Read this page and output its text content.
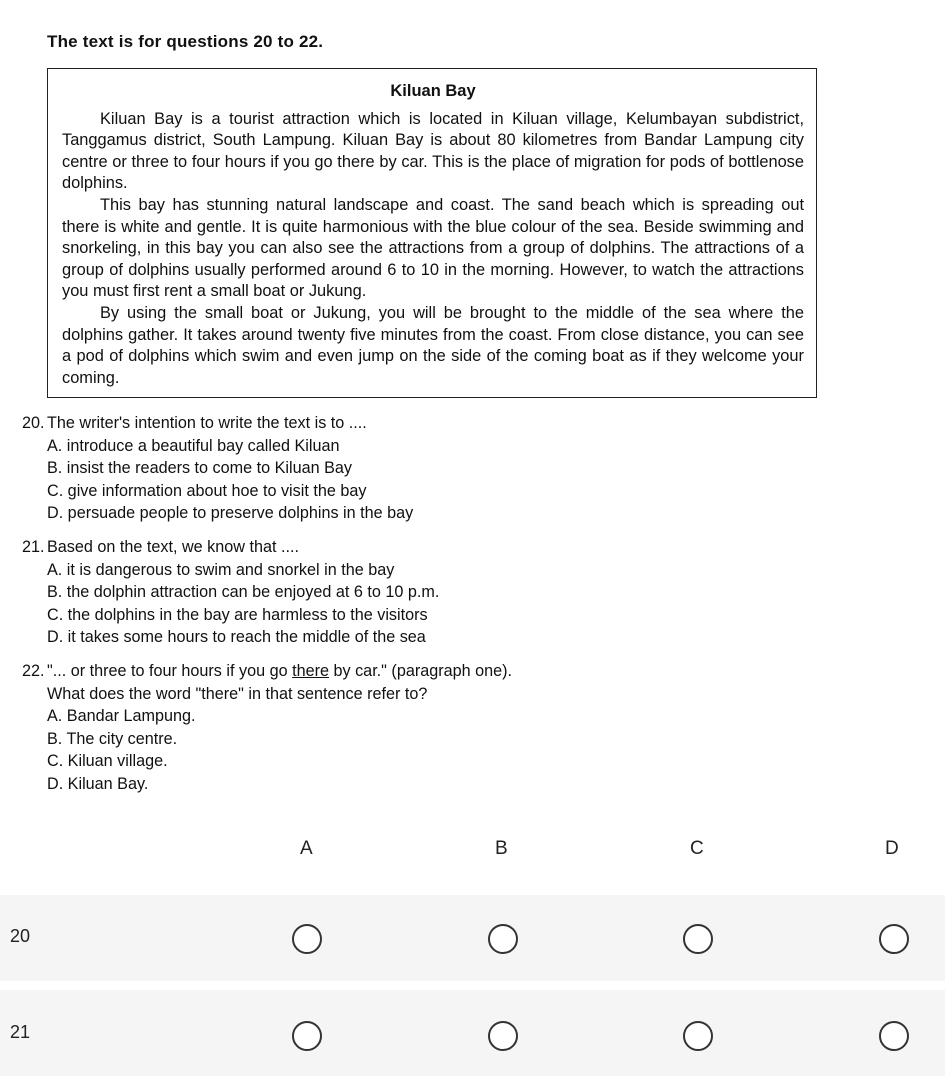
The text is for questions 20 to 22.
Kiluan Bay

Kiluan Bay is a tourist attraction which is located in Kiluan village, Kelumbayan subdistrict, Tanggamus district, South Lampung. Kiluan Bay is about 80 kilometres from Bandar Lampung city centre or three to four hours if you go there by car. This is the place of migration for pods of bottlenose dolphins.

This bay has stunning natural landscape and coast. The sand beach which is spreading out there is white and gentle. It is quite harmonious with the blue colour of the sea. Beside swimming and snorkeling, in this bay you can also see the attractions from a group of dolphins. The attractions of a group of dolphins usually performed around 6 to 10 in the morning. However, to watch the attractions you must first rent a small boat or Jukung.

By using the small boat or Jukung, you will be brought to the middle of the sea where the dolphins gather. It takes around twenty five minutes from the coast. From close distance, you can see a pod of dolphins which swim and even jump on the side of the coming boat as if they welcome your coming.

20. The writer's intention to write the text is to ....
A. introduce a beautiful bay called Kiluan
B. insist the readers to come to Kiluan Bay
C. give information about hoe to visit the bay
D. persuade people to preserve dolphins in the bay
21. Based on the text, we know that ....
A. it is dangerous to swim and snorkel in the bay
B. the dolphin attraction can be enjoyed at 6 to 10 p.m.
C. the dolphins in the bay are harmless to the visitors
D. it takes some hours to reach the middle of the sea
22. "... or three to four hours if you go there by car." (paragraph one).
What does the word "there" in that sentence refer to?
A. Bandar Lampung.
B. The city centre.
C. Kiluan village.
D. Kiluan Bay.
A	B	C	D
20
21
